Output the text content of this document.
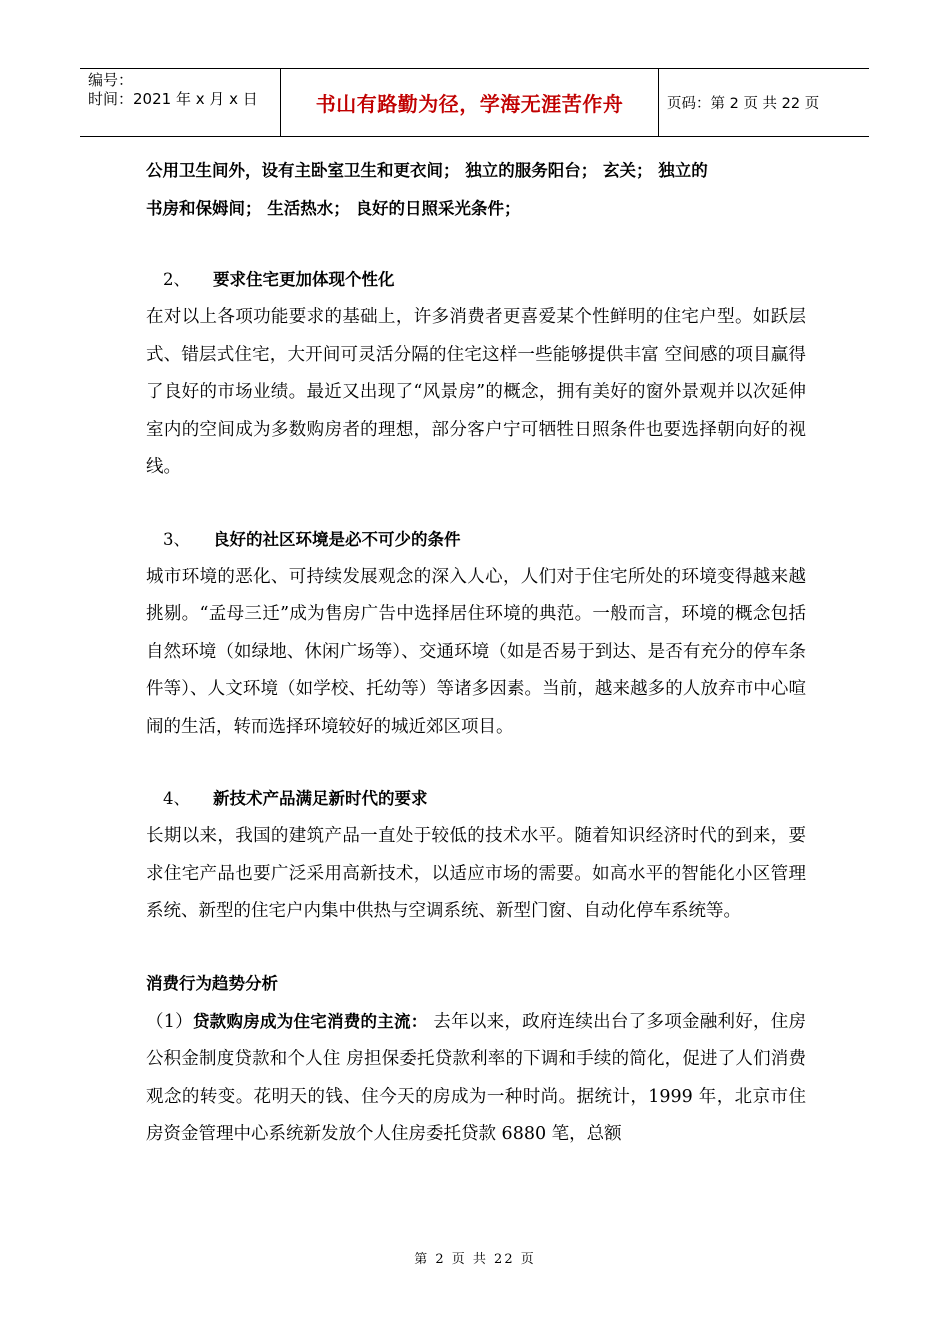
编号：
时间：2021 年 x 月 x 日	书山有路勤为径，学海无涯苦作舟	页码：第 2 页 共 22 页

公用卫生间外，设有主卧室卫生和更衣间； 独立的服务阳台； 玄关； 独立的

书房和保姆间； 生活热水； 良好的日照采光条件；

2、 要求住宅更加体现个性化

在对以上各项功能要求的基础上，许多消费者更喜爱某个性鲜明的住宅户型。如跃层式、错层式住宅，大开间可灵活分隔的住宅这样一些能够提供丰富 空间感的项目赢得了良好的市场业绩。最近又出现了“风景房”的概念，拥有美好的窗外景观并以次延伸室内的空间成为多数购房者的理想，部分客户宁可牺牲日照条件也要选择朝向好的视线。

3、 良好的社区环境是必不可少的条件

城市环境的恶化、可持续发展观念的深入人心，人们对于住宅所处的环境变得越来越挑剔。“孟母三迁”成为售房广告中选择居住环境的典范。一般而言，环境的概念包括自然环境（如绿地、休闲广场等）、交通环境（如是否易于到达、是否有充分的停车条件等）、人文环境（如学校、托幼等）等诸多因素。当前，越来越多的人放弃市中心喧闹的生活，转而选择环境较好的城近郊区项目。

4、 新技术产品满足新时代的要求

长期以来，我国的建筑产品一直处于较低的技术水平。随着知识经济时代的到来，要求住宅产品也要广泛采用高新技术，以适应市场的需要。如高水平的智能化小区管理系统、新型的住宅户内集中供热与空调系统、新型门窗、自动化停车系统等。

消费行为趋势分析

（1）贷款购房成为住宅消费的主流： 去年以来，政府连续出台了多项金融利好，住房公积金制度贷款和个人住 房担保委托贷款利率的下调和手续的简化，促进了人们消费观念的转变。花明天的钱、住今天的房成为一种时尚。据统计，1999 年，北京市住房资金管理中心系统新发放个人住房委托贷款 6880 笔，总额

第 2 页 共 22 页
